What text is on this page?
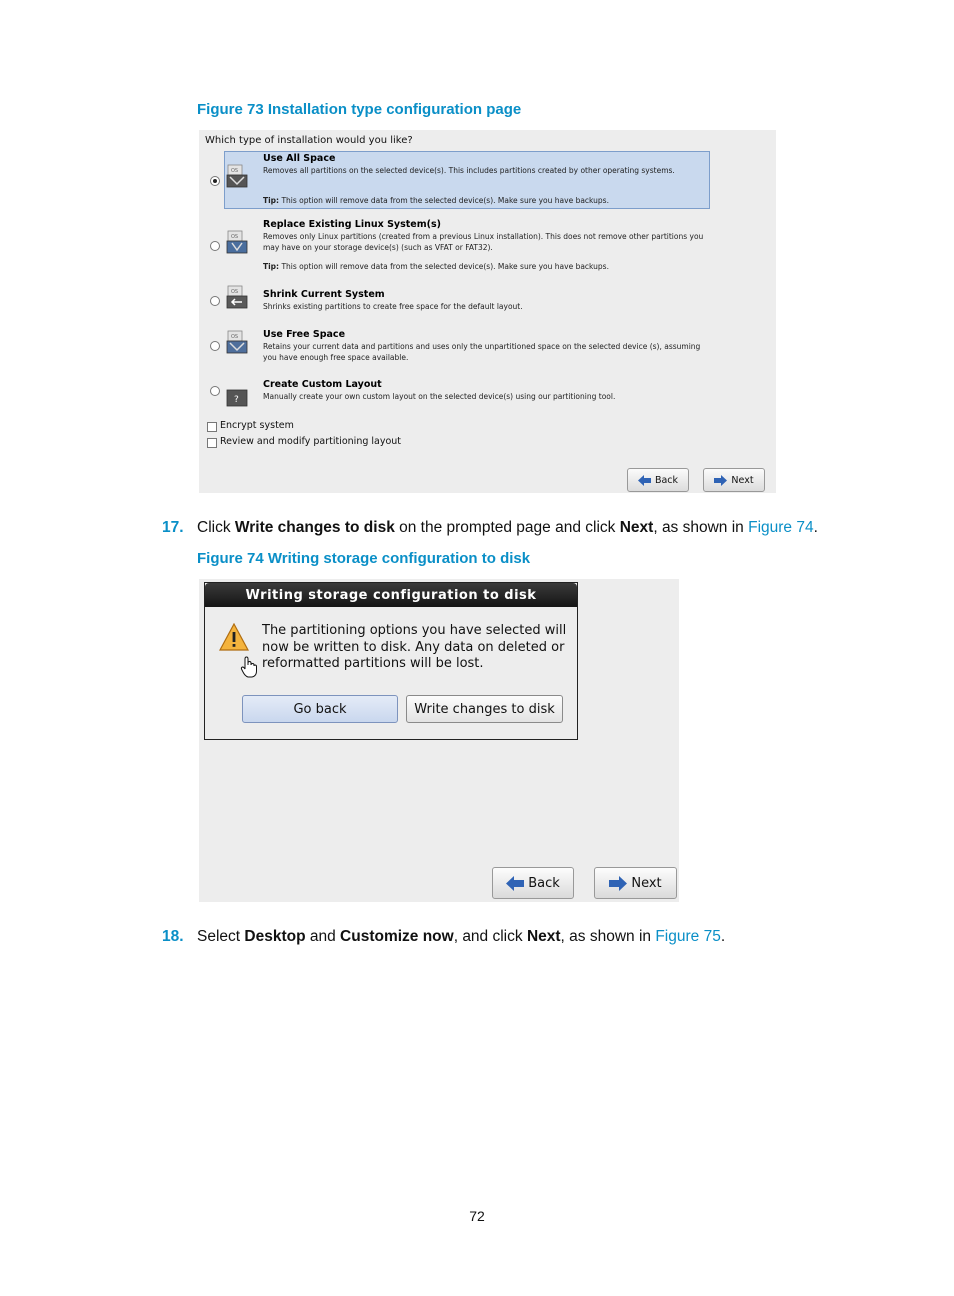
Figure 73 Installation type configuration page
Which type of installation would you like?
OS
Use All Space
Removes all partitions on the selected device(s). This includes partitions created by other operating systems.
Tip: This option will remove data from the selected device(s). Make sure you have backups.
OS
Replace Existing Linux System(s)
Removes only Linux partitions (created from a previous Linux installation). This does not remove other partitions you may have on your storage device(s) (such as VFAT or FAT32).
Tip: This option will remove data from the selected device(s). Make sure you have backups.
OS	Shrink Current System
Shrinks existing partitions to create free space for the default layout.
OS	Use Free Space
Retains your current data and partitions and uses only the unpartitioned space on the selected device (s), assuming you have enough free space available.
?
Create Custom Layout
Manually create your own custom layout on the selected device(s) using our partitioning tool.
Encrypt system
Review and modify partitioning layout
Back	Next
17. Click Write changes to disk on the prompted page and click Next, as shown in Figure 74.
Figure 74 Writing storage configuration to disk
Writing storage configuration to disk
The partitioning options you have selected will now be written to disk. Any data on deleted or reformatted partitions will be lost.
Go back	Write changes to disk
Back	Next
18. Select Desktop and Customize now, and click Next, as shown in Figure 75.
72
